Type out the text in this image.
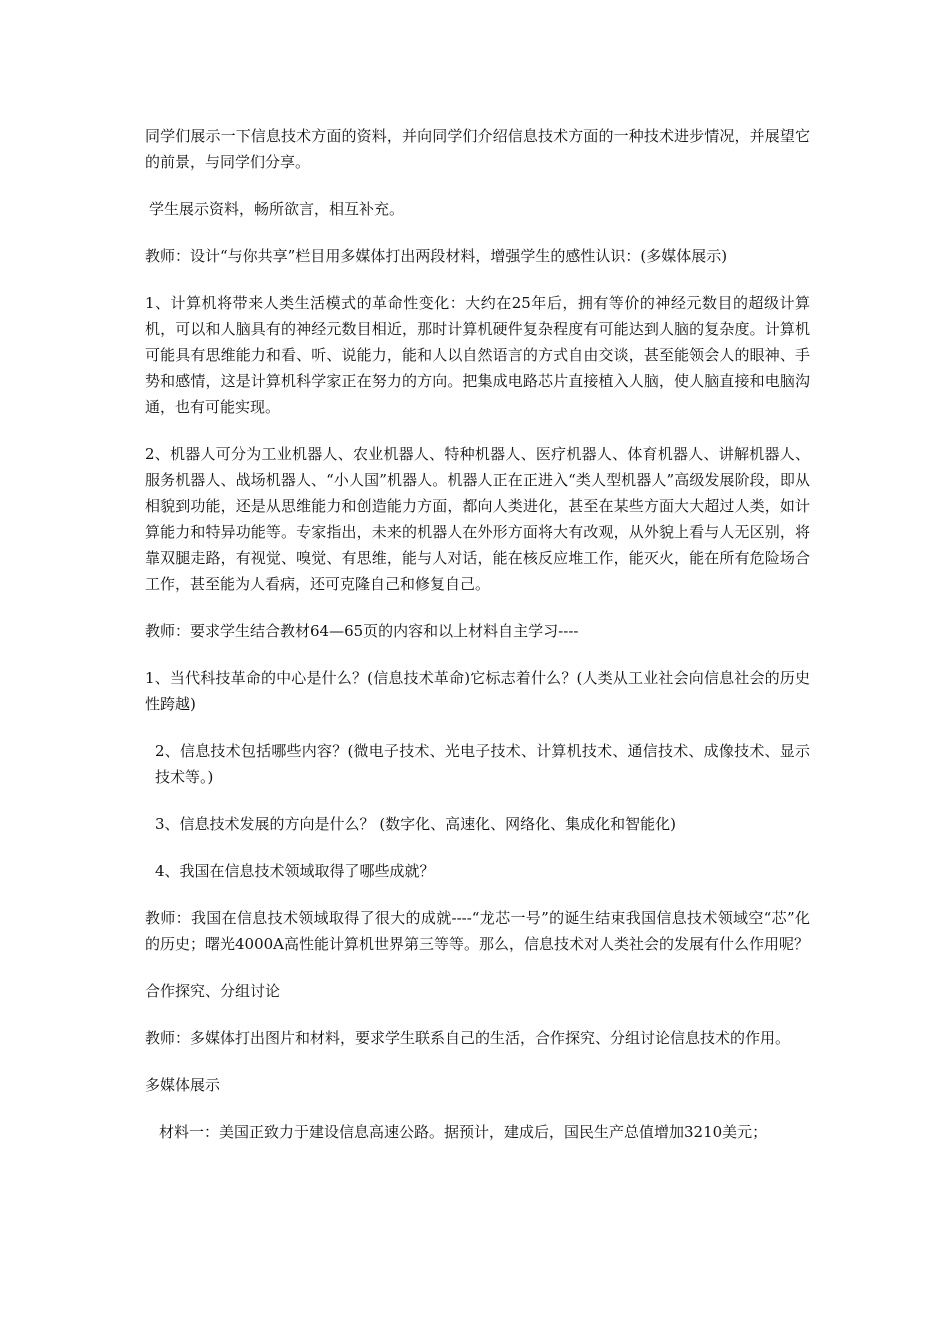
同学们展示一下信息技术方面的资料，并向同学们介绍信息技术方面的一种技术进步情况，并展望它的前景，与同学们分享。

学生展示资料，畅所欲言，相互补充。

教师：设计“与你共享”栏目用多媒体打出两段材料，增强学生的感性认识：(多媒体展示)

1、计算机将带来人类生活模式的革命性变化：大约在25年后，拥有等价的神经元数目的超级计算机，可以和人脑具有的神经元数目相近，那时计算机硬件复杂程度有可能达到人脑的复杂度。计算机可能具有思维能力和看、听、说能力，能和人以自然语言的方式自由交谈，甚至能领会人的眼神、手势和感情，这是计算机科学家正在努力的方向。把集成电路芯片直接植入人脑，使人脑直接和电脑沟通，也有可能实现。

2、机器人可分为工业机器人、农业机器人、特种机器人、医疗机器人、体育机器人、讲解机器人、服务机器人、战场机器人、“小人国”机器人。机器人正在正进入“类人型机器人”高级发展阶段，即从相貌到功能，还是从思维能力和创造能力方面，都向人类进化，甚至在某些方面大大超过人类，如计算能力和特异功能等。专家指出，未来的机器人在外形方面将大有改观，从外貌上看与人无区别，将靠双腿走路，有视觉、嗅觉、有思维，能与人对话，能在核反应堆工作，能灭火，能在所有危险场合工作，甚至能为人看病，还可克隆自己和修复自己。

教师：要求学生结合教材64—65页的内容和以上材料自主学习----

1、当代科技革命的中心是什么？(信息技术革命)它标志着什么？(人类从工业社会向信息社会的历史性跨越)

2、信息技术包括哪些内容？(微电子技术、光电子技术、计算机技术、通信技术、成像技术、显示技术等。)

3、信息技术发展的方向是什么？ (数字化、高速化、网络化、集成化和智能化)

4、我国在信息技术领域取得了哪些成就？

教师：我国在信息技术领域取得了很大的成就----“龙芯一号”的诞生结束我国信息技术领域空“芯”化的历史；曙光4000A高性能计算机世界第三等等。那么，信息技术对人类社会的发展有什么作用呢？

合作探究、分组讨论

教师：多媒体打出图片和材料，要求学生联系自己的生活，合作探究、分组讨论信息技术的作用。

多媒体展示

材料一：美国正致力于建设信息高速公路。据预计，建成后，国民生产总值增加3210美元；
